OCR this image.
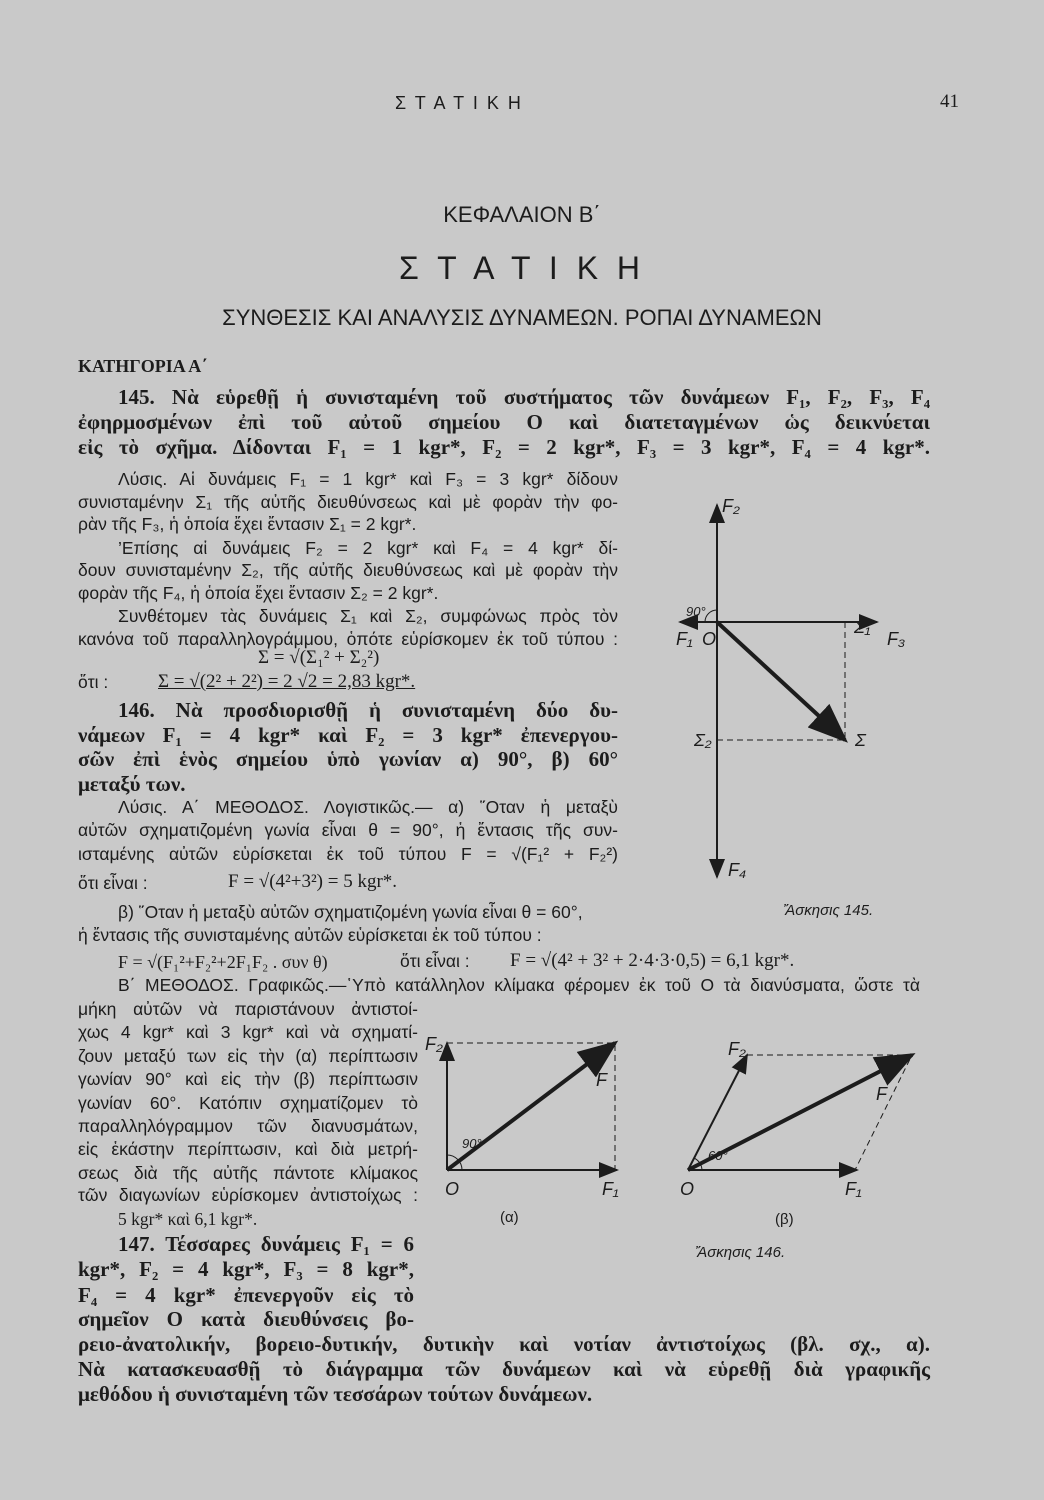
Σ Τ Α Τ Ι Κ Η	41
ΚΕΦΑΛΑΙΟΝ Β΄
Σ Τ Α Τ Ι Κ Η
ΣΥΝΘΕΣΙΣ ΚΑΙ ΑΝΑΛΥΣΙΣ ΔΥΝΑΜΕΩΝ. ΡΟΠΑΙ ΔΥΝΑΜΕΩΝ
ΚΑΤΗΓΟΡΙΑ Α΄
145. Νὰ εὑρεθῇ ἡ συνισταμένη τοῦ συστήματος τῶν δυνάμεων F₁, F₂, F₃, F₄
ἐφηρμοσμένων ἐπὶ τοῦ αὐτοῦ σημείου O καὶ διατεταγμένων ὡς δεικνύεται
εἰς τὸ σχῆμα. Δίδονται F₁ = 1 kgr*, F₂ = 2 kgr*, F₃ = 3 kgr*, F₄ = 4 kgr*.
Λύσις. Αἱ δυνάμεις F₁ = 1 kgr* καὶ F₃ = 3 kgr* δίδουν
συνισταμένην Σ₁ τῆς αὐτῆς διευθύνσεως καὶ μὲ φορὰν τὴν φο-
ρὰν τῆς F₃, ἡ ὁποία ἔχει ἔντασιν Σ₁ = 2 kgr*.
’Επίσης αἱ δυνάμεις F₂ = 2 kgr* καὶ F₄ = 4 kgr* δί-
δουν συνισταμένην Σ₂, τῆς αὐτῆς διευθύνσεως καὶ μὲ φορὰν τὴν
φορὰν τῆς F₄, ἡ ὁποία ἔχει ἔντασιν Σ₂ = 2 kgr*.
Συνθέτομεν τὰς δυνάμεις Σ₁ καὶ Σ₂, συμφώνως πρὸς τὸν
κανόνα τοῦ παραλληλογράμμου, ὁπότε εὑρίσκομεν ἐκ τοῦ τύπου :
Σ = √(Σ₁² + Σ₂²)
ὅτι :	Σ = √(2² + 2²) = 2 √2 = 2,83 kgr*.
146. Νὰ προσδιορισθῇ ἡ συνισταμένη δύο δυ-
νάμεων F₁ = 4 kgr* καὶ F₂ = 3 kgr* ἐπενεργου-
σῶν ἐπὶ ἑνὸς σημείου ὑπὸ γωνίαν α) 90°, β) 60°
μεταξύ των.
Λύσις. Α΄ ΜΕΘΟΔΟΣ. Λογιστικῶς.— α) ῞Οταν ἡ μεταξὺ
αὐτῶν σχηματιζομένη γωνία εἶναι θ = 90°, ἡ ἔντασις τῆς συν-
ισταμένης αὐτῶν εὑρίσκεται ἐκ τοῦ τύπου F = √(F₁² + F₂²)
ὅτι εἶναι :	F = √(4²+3²) = 5 kgr*.
β) ῞Οταν ἡ μεταξὺ αὐτῶν σχηματιζομένη γωνία εἶναι θ = 60°,
ἡ ἔντασις τῆς συνισταμένης αὐτῶν εὑρίσκεται ἐκ τοῦ τύπου :
F = √(F₁²+F₂²+2F₁F₂ . συν θ)	ὅτι εἶναι : F = √(4² + 3² + 2·4·3·0,5) = 6,1 kgr*.
Β΄ ΜΕΘΟΔΟΣ. Γραφικῶς.—῾Υπὸ κατάλληλον κλίμακα φέρομεν ἐκ τοῦ O τὰ διανύσματα, ὥστε τὰ
μήκη αὐτῶν νὰ παριστάνουν ἀντιστοί-
χως 4 kgr* καὶ 3 kgr* καὶ νὰ σχηματί-
ζουν μεταξύ των εἰς τὴν (α) περίπτωσιν
γωνίαν 90° καὶ εἰς τὴν (β) περίπτωσιν
γωνίαν 60°. Κατόπιν σχηματίζομεν τὸ
παραλληλόγραμμον τῶν διανυσμάτων,
εἰς ἑκάστην περίπτωσιν, καὶ διὰ μετρή-
σεως διὰ τῆς αὐτῆς πάντοτε κλίμακος
τῶν διαγωνίων εὑρίσκομεν ἀντιστοίχως :
5 kgr* καὶ 6,1 kgr*.
147. Τέσσαρες δυνάμεις F₁ = 6
kgr*, F₂ = 4 kgr*, F₃ = 8 kgr*,
F₄ = 4 kgr* ἐπενεργοῦν εἰς τὸ
σημεῖον O κατὰ διευθύνσεις βο-
ρειο-ἀνατολικήν, βορειο-δυτικήν, δυτικὴν καὶ νοτίαν ἀντιστοίχως (βλ. σχ., α).
Νὰ κατασκευασθῇ τὸ διάγραμμα τῶν δυνάμεων καὶ νὰ εὑρεθῇ διὰ γραφικῆς
μεθόδου ἡ συνισταμένη τῶν τεσσάρων τούτων δυνάμεων.
F₂
90°
Σ₁
F₁ O	F₃
Σ₂	Σ
F₄
Ἄσκησις 145.
F₂
F
90°
O	F₁
(α)
F₂
F
60°
O	F₁
(β)
Ἄσκησις 146.
